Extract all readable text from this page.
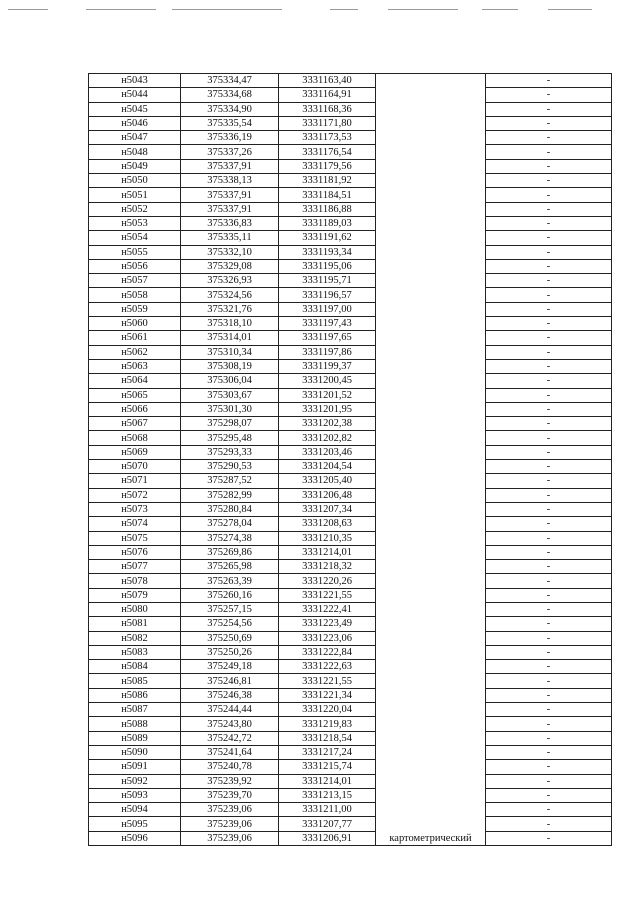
н5043	375334,47	3331163,40		-
н5044	375334,68	3331164,91		-
н5045	375334,90	3331168,36		-
н5046	375335,54	3331171,80		-
н5047	375336,19	3331173,53		-
н5048	375337,26	3331176,54		-
н5049	375337,91	3331179,56		-
н5050	375338,13	3331181,92		-
н5051	375337,91	3331184,51		-
н5052	375337,91	3331186,88		-
н5053	375336,83	3331189,03		-
н5054	375335,11	3331191,62		-
н5055	375332,10	3331193,34		-
н5056	375329,08	3331195,06		-
н5057	375326,93	3331195,71		-
н5058	375324,56	3331196,57		-
н5059	375321,76	3331197,00		-
н5060	375318,10	3331197,43		-
н5061	375314,01	3331197,65		-
н5062	375310,34	3331197,86		-
н5063	375308,19	3331199,37		-
н5064	375306,04	3331200,45		-
н5065	375303,67	3331201,52		-
н5066	375301,30	3331201,95		-
н5067	375298,07	3331202,38		-
н5068	375295,48	3331202,82		-
н5069	375293,33	3331203,46		-
н5070	375290,53	3331204,54		-
н5071	375287,52	3331205,40		-
н5072	375282,99	3331206,48		-
н5073	375280,84	3331207,34		-
н5074	375278,04	3331208,63		-
н5075	375274,38	3331210,35		-
н5076	375269,86	3331214,01		-
н5077	375265,98	3331218,32		-
н5078	375263,39	3331220,26		-
н5079	375260,16	3331221,55		-
н5080	375257,15	3331222,41		-
н5081	375254,56	3331223,49		-
н5082	375250,69	3331223,06		-
н5083	375250,26	3331222,84		-
н5084	375249,18	3331222,63		-
н5085	375246,81	3331221,55		-
н5086	375246,38	3331221,34		-
н5087	375244,44	3331220,04		-
н5088	375243,80	3331219,83		-
н5089	375242,72	3331218,54		-
н5090	375241,64	3331217,24		-
н5091	375240,78	3331215,74		-
н5092	375239,92	3331214,01		-
н5093	375239,70	3331213,15		-
н5094	375239,06	3331211,00		-
н5095	375239,06	3331207,77		-
н5096	375239,06	3331206,91	картометрический	-
